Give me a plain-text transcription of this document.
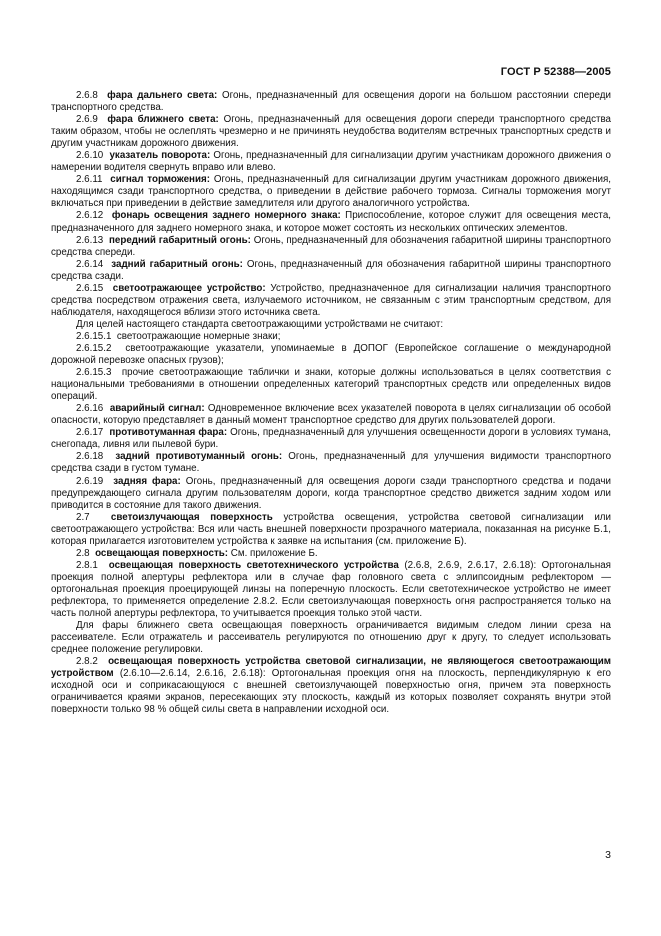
ГОСТ Р 52388—2005

2.6.8 фара дальнего света: Огонь, предназначенный для освещения дороги на большом расстоянии спереди транспортного средства.

2.6.9 фара ближнего света: Огонь, предназначенный для освещения дороги спереди транспортного средства таким образом, чтобы не ослеплять чрезмерно и не причинять неудобства водителям встречных транспортных средств и другим участникам дорожного движения.

2.6.10 указатель поворота: Огонь, предназначенный для сигнализации другим участникам дорожного движения о намерении водителя свернуть вправо или влево.

2.6.11 сигнал торможения: Огонь, предназначенный для сигнализации другим участникам дорожного движения, находящимся сзади транспортного средства, о приведении в действие рабочего тормоза. Сигналы торможения могут включаться при приведении в действие замедлителя или другого аналогичного устройства.

2.6.12 фонарь освещения заднего номерного знака: Приспособление, которое служит для освещения места, предназначенного для заднего номерного знака, и которое может состоять из нескольких оптических элементов.

2.6.13 передний габаритный огонь: Огонь, предназначенный для обозначения габаритной ширины транспортного средства спереди.

2.6.14 задний габаритный огонь: Огонь, предназначенный для обозначения габаритной ширины транспортного средства сзади.

2.6.15 светоотражающее устройство: Устройство, предназначенное для сигнализации наличия транспортного средства посредством отражения света, излучаемого источником, не связанным с этим транспортным средством, для наблюдателя, находящегося вблизи этого источника света.

Для целей настоящего стандарта светоотражающими устройствами не считают:

2.6.15.1 светоотражающие номерные знаки;

2.6.15.2 светоотражающие указатели, упоминаемые в ДОПОГ (Европейское соглашение о международной дорожной перевозке опасных грузов);

2.6.15.3 прочие светоотражающие таблички и знаки, которые должны использоваться в целях соответствия с национальными требованиями в отношении определенных категорий транспортных средств или определенных видов операций.

2.6.16 аварийный сигнал: Одновременное включение всех указателей поворота в целях сигнализации об особой опасности, которую представляет в данный момент транспортное средство для других пользователей дороги.

2.6.17 противотуманная фара: Огонь, предназначенный для улучшения освещенности дороги в условиях тумана, снегопада, ливня или пылевой бури.

2.6.18 задний противотуманный огонь: Огонь, предназначенный для улучшения видимости транспортного средства сзади в густом тумане.

2.6.19 задняя фара: Огонь, предназначенный для освещения дороги сзади транспортного средства и подачи предупреждающего сигнала другим пользователям дороги, когда транспортное средство движется задним ходом или приводится в состояние для такого движения.

2.7 светоизлучающая поверхность устройства освещения, устройства световой сигнализации или светоотражающего устройства: Вся или часть внешней поверхности прозрачного материала, показанная на рисунке Б.1, которая прилагается изготовителем устройства к заявке на испытания (см. приложение Б).

2.8 освещающая поверхность: См. приложение Б.

2.8.1 освещающая поверхность светотехнического устройства (2.6.8, 2.6.9, 2.6.17, 2.6.18): Ортогональная проекция полной апертуры рефлектора или в случае фар головного света с эллипсоидным рефлектором — ортогональная проекция проецирующей линзы на поперечную плоскость. Если светотехническое устройство не имеет рефлектора, то применяется определение 2.8.2. Если светоизлучающая поверхность огня распространяется только на часть полной апертуры рефлектора, то учитывается проекция только этой части.

Для фары ближнего света освещающая поверхность ограничивается видимым следом линии среза на рассеивателе. Если отражатель и рассеиватель регулируются по отношению друг к другу, то следует использовать среднее положение регулировки.

2.8.2 освещающая поверхность устройства световой сигнализации, не являющегося светоотражающим устройством (2.6.10—2.6.14, 2.6.16, 2.6.18): Ортогональная проекция огня на плоскость, перпендикулярную к его исходной оси и соприкасающуюся с внешней светоизлучающей поверхностью огня, причем эта поверхность ограничивается краями экранов, пересекающих эту плоскость, каждый из которых позволяет сохранять внутри этой поверхности только 98 % общей силы света в направлении исходной оси.

3
